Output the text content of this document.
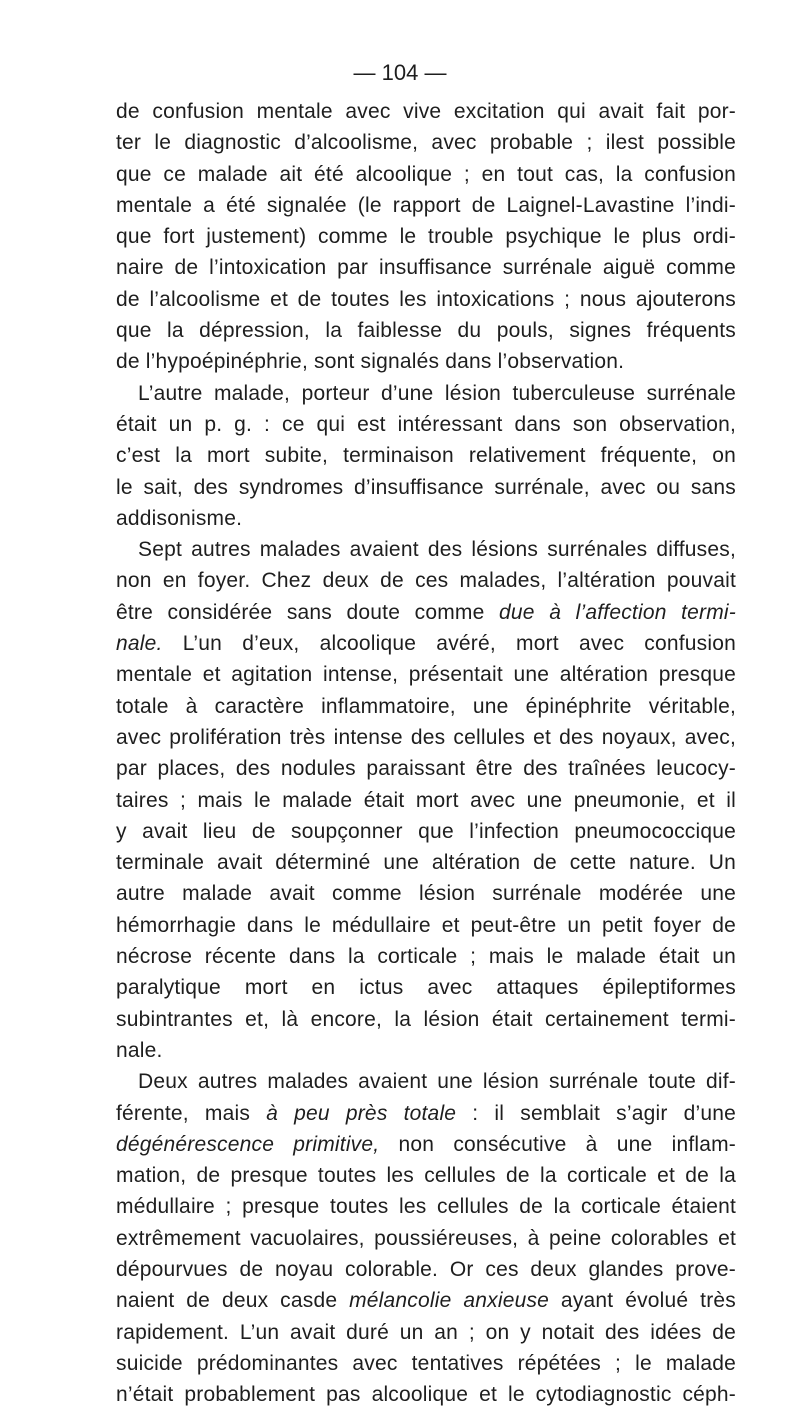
— 104 —
de confusion mentale avec vive excitation qui avait fait por-
ter le diagnostic d’alcoolisme, avec probable ; ilest possible
que ce malade ait été alcoolique ; en tout cas, la confusion
mentale a été signalée (le rapport de Laignel-Lavastine l’indi-
que fort justement) comme le trouble psychique le plus ordi-
naire de l’intoxication par insuffisance surrénale aiguë comme
de l’alcoolisme et de toutes les intoxications ; nous ajouterons
que la dépression, la faiblesse du pouls, signes fréquents
de l’hypoépinéphrie, sont signalés dans l’observation.
L’autre malade, porteur d’une lésion tuberculeuse surrénale
était un p. g. : ce qui est intéressant dans son observation,
c’est la mort subite, terminaison relativement fréquente, on
le sait, des syndromes d’insuffisance surrénale, avec ou sans
addisonisme.
Sept autres malades avaient des lésions surrénales diffuses,
non en foyer. Chez deux de ces malades, l’altération pouvait
être considérée sans doute comme due à l’affection termi-
nale. L’un d’eux, alcoolique avéré, mort avec confusion
mentale et agitation intense, présentait une altération presque
totale à caractère inflammatoire, une épinéphrite véritable,
avec prolifération très intense des cellules et des noyaux, avec,
par places, des nodules paraissant être des traînées leucocy-
taires ; mais le malade était mort avec une pneumonie, et il
y avait lieu de soupçonner que l’infection pneumococcique
terminale avait déterminé une altération de cette nature. Un
autre malade avait comme lésion surrénale modérée une
hémorrhagie dans le médullaire et peut-être un petit foyer de
nécrose récente dans la corticale ; mais le malade était un
paralytique mort en ictus avec attaques épileptiformes
subintrantes et, là encore, la lésion était certainement termi-
nale.
Deux autres malades avaient une lésion surrénale toute dif-
férente, mais à peu près totale : il semblait s’agir d’une
dégénérescence primitive, non consécutive à une inflam-
mation, de presque toutes les cellules de la corticale et de la
médullaire ; presque toutes les cellules de la corticale étaient
extrêmement vacuolaires, poussiéreuses, à peine colorables et
dépourvues de noyau colorable. Or ces deux glandes prove-
naient de deux casde mélancolie anxieuse ayant évolué très
rapidement. L’un avait duré un an ; on y notait des idées de
suicide prédominantes avec tentatives répétées ; le malade
n’était probablement pas alcoolique et le cytodiagnostic céph-
